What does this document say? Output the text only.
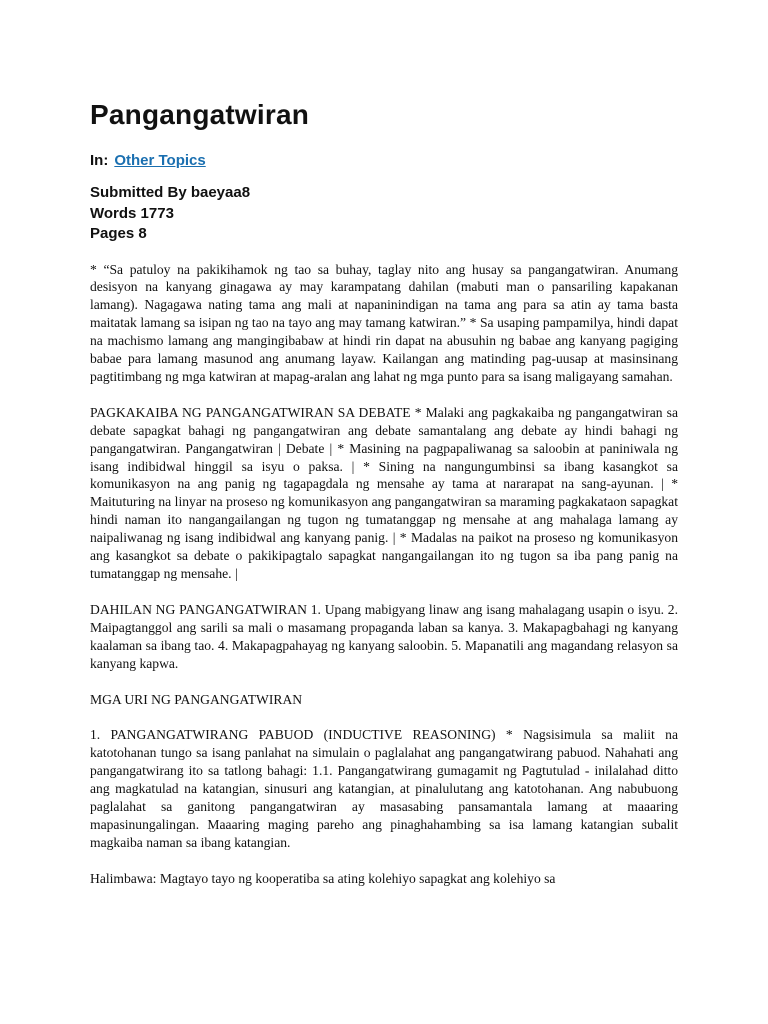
Pangangatwiran
In: Other Topics
Submitted By baeyaa8
Words 1773
Pages 8

* “Sa patuloy na pakikihamok ng tao sa buhay, taglay nito ang husay sa pangangatwiran. Anumang desisyon na kanyang ginagawa ay may karampatang dahilan (mabuti man o pansariling kapakanan lamang). Nagagawa nating tama ang mali at napaninindigan na tama ang para sa atin ay tama basta maitatak lamang sa isipan ng tao na tayo ang may tamang katwiran.” * Sa usaping pampamilya, hindi dapat na machismo lamang ang mangingibabaw at hindi rin dapat na abusuhin ng babae ang kanyang pagiging babae para lamang masunod ang anumang layaw. Kailangan ang matinding pag-uusap at masinsinang pagtitimbang ng mga katwiran at mapag-aralan ang lahat ng mga punto para sa isang maligayang samahan.

PAGKAKAIBA NG PANGANGATWIRAN SA DEBATE * Malaki ang pagkakaiba ng pangangatwiran sa debate sapagkat bahagi ng pangangatwiran ang debate samantalang ang debate ay hindi bahagi ng pangangatwiran. Pangangatwiran | Debate | * Masining na pagpapaliwanag sa saloobin at paniniwala ng isang indibidwal hinggil sa isyu o paksa. | * Sining na nangungumbinsi sa ibang kasangkot sa komunikasyon na ang panig ng tagapagdala ng mensahe ay tama at nararapat na sang-ayunan. | * Maituturing na linyar na proseso ng komunikasyon ang pangangatwiran sa maraming pagkakataon sapagkat hindi naman ito nangangailangan ng tugon ng tumatanggap ng mensahe at ang mahalaga lamang ay naipaliwanag ng isang indibidwal ang kanyang panig. | * Madalas na paikot na proseso ng komunikasyon ang kasangkot sa debate o pakikipagtalo sapagkat nangangailangan ito ng tugon sa iba pang panig na tumatanggap ng mensahe. |

DAHILAN NG PANGANGATWIRAN 1. Upang mabigyang linaw ang isang mahalagang usapin o isyu. 2. Maipagtanggol ang sarili sa mali o masamang propaganda laban sa kanya. 3. Makapagbahagi ng kanyang kaalaman sa ibang tao. 4. Makapagpahayag ng kanyang saloobin. 5. Mapanatili ang magandang relasyon sa kanyang kapwa.

MGA URI NG PANGANGATWIRAN

1. PANGANGATWIRANG PABUOD (INDUCTIVE REASONING) * Nagsisimula sa maliit na katotohanan tungo sa isang panlahat na simulain o paglalahat ang pangangatwirang pabuod. Nahahati ang pangangatwirang ito sa tatlong bahagi: 1.1. Pangangatwirang gumagamit ng Pagtutulad - inilalahad ditto ang magkatulad na katangian, sinusuri ang katangian, at pinalulutang ang katotohanan. Ang nabubuong paglalahat sa ganitong pangangatwiran ay masasabing pansamantala lamang at maaaring mapasinungalingan. Maaaring maging pareho ang pinaghahambing sa isa lamang katangian subalit magkaiba naman sa ibang katangian.

Halimbawa: Magtayo tayo ng kooperatiba sa ating kolehiyo sapagkat ang kolehiyo sa
